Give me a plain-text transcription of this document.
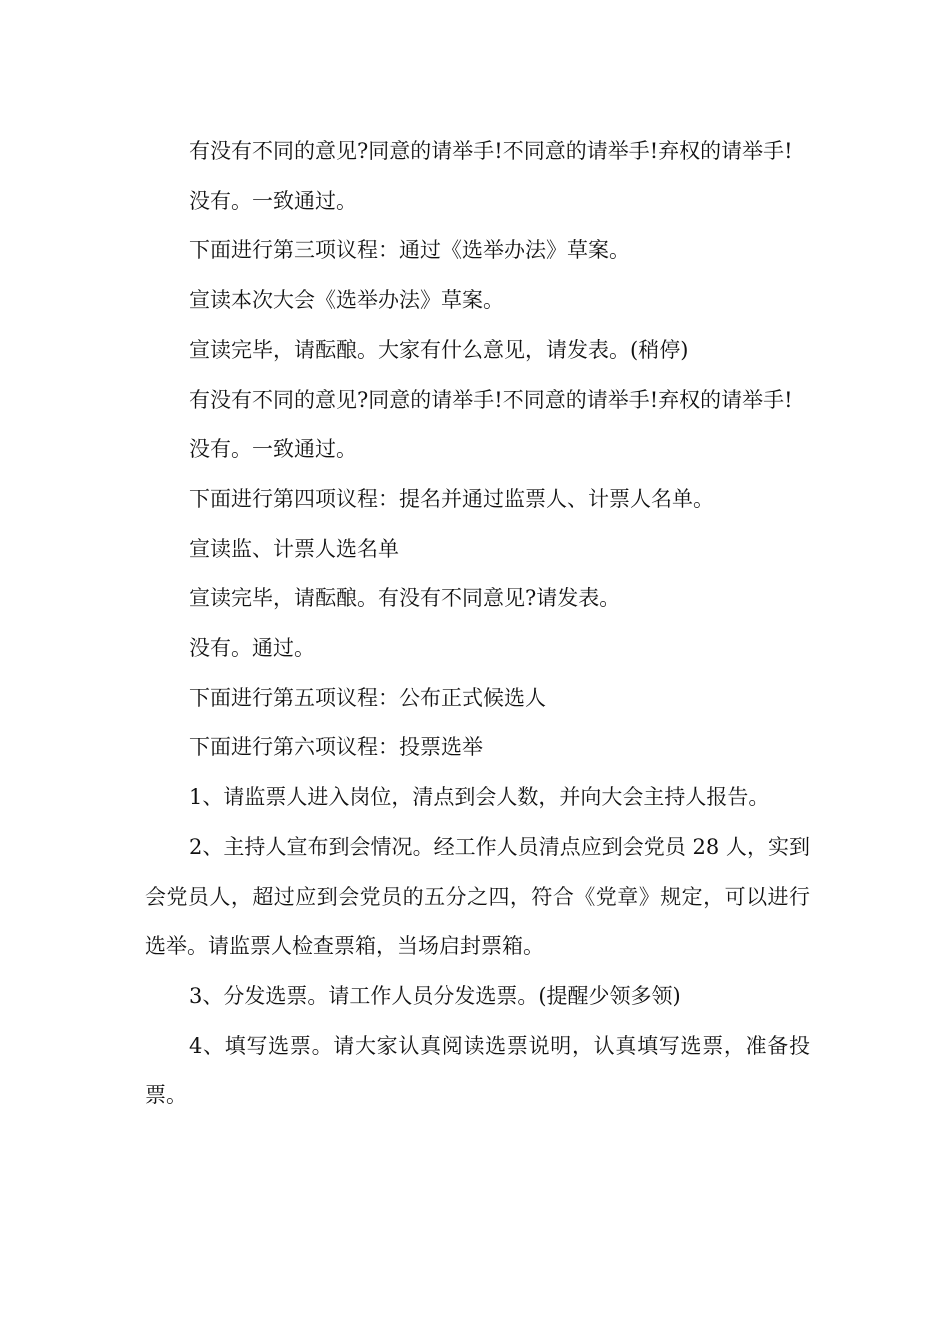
有没有不同的意见?同意的请举手!不同意的请举手!弃权的请举手!

没有。一致通过。

下面进行第三项议程：通过《选举办法》草案。

宣读本次大会《选举办法》草案。

宣读完毕，请酝酿。大家有什么意见，请发表。(稍停)

有没有不同的意见?同意的请举手!不同意的请举手!弃权的请举手!

没有。一致通过。

下面进行第四项议程：提名并通过监票人、计票人名单。

宣读监、计票人选名单

宣读完毕，请酝酿。有没有不同意见?请发表。

没有。通过。

下面进行第五项议程：公布正式候选人

下面进行第六项议程：投票选举

1、请监票人进入岗位，清点到会人数，并向大会主持人报告。

2、主持人宣布到会情况。经工作人员清点应到会党员 28 人，实到会党员人，超过应到会党员的五分之四，符合《党章》规定，可以进行选举。请监票人检查票箱，当场启封票箱。

3、分发选票。请工作人员分发选票。(提醒少领多领)

4、填写选票。请大家认真阅读选票说明，认真填写选票，准备投票。
